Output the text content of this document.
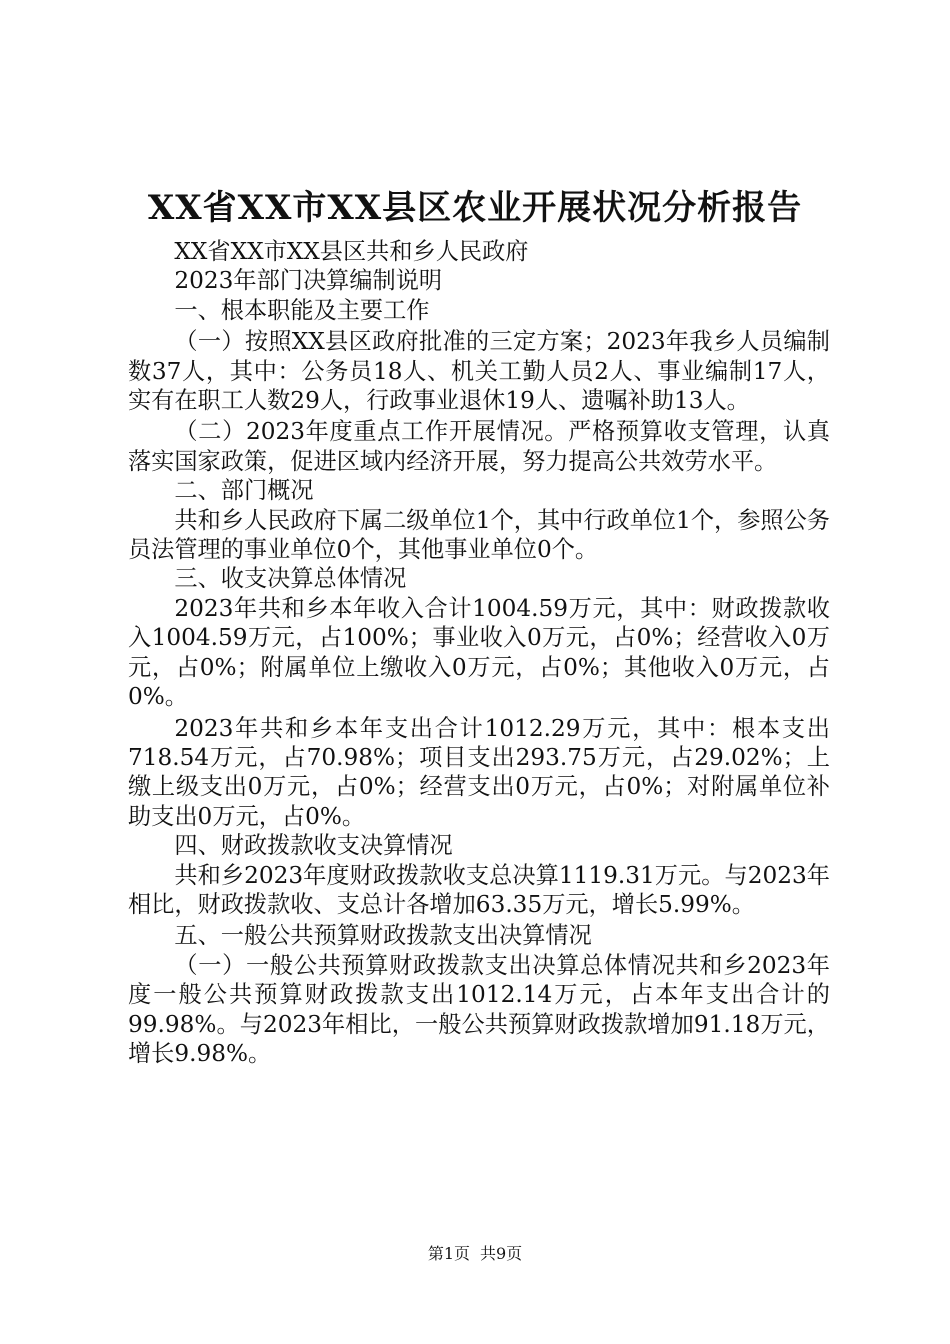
XX省XX市XX县区农业开展状况分析报告

XX省XX市XX县区共和乡人民政府

2023年部门决算编制说明

一、根本职能及主要工作

（一）按照XX县区政府批准的三定方案；2023年我乡人员编制数37人，其中：公务员18人、机关工勤人员2人、事业编制17人，实有在职工人数29人，行政事业退休19人、遗嘱补助13人。

（二）2023年度重点工作开展情况。严格预算收支管理，认真落实国家政策，促进区域内经济开展，努力提高公共效劳水平。

二、部门概况

共和乡人民政府下属二级单位1个，其中行政单位1个，参照公务员法管理的事业单位0个，其他事业单位0个。

三、收支决算总体情况

2023年共和乡本年收入合计1004.59万元，其中：财政拨款收入1004.59万元，占100%；事业收入0万元，占0%；经营收入0万元，占0%；附属单位上缴收入0万元，占0%；其他收入0万元，占0%。

2023年共和乡本年支出合计1012.29万元，其中：根本支出718.54万元，占70.98%；项目支出293.75万元，占29.02%；上缴上级支出0万元，占0%；经营支出0万元，占0%；对附属单位补助支出0万元，占0%。

四、财政拨款收支决算情况

共和乡2023年度财政拨款收支总决算1119.31万元。与2023年相比，财政拨款收、支总计各增加63.35万元，增长5.99%。

五、一般公共预算财政拨款支出决算情况

（一）一般公共预算财政拨款支出决算总体情况共和乡2023年度一般公共预算财政拨款支出1012.14万元，占本年支出合计的99.98%。与2023年相比，一般公共预算财政拨款增加91.18万元，增长9.98%。

第1页 共9页
